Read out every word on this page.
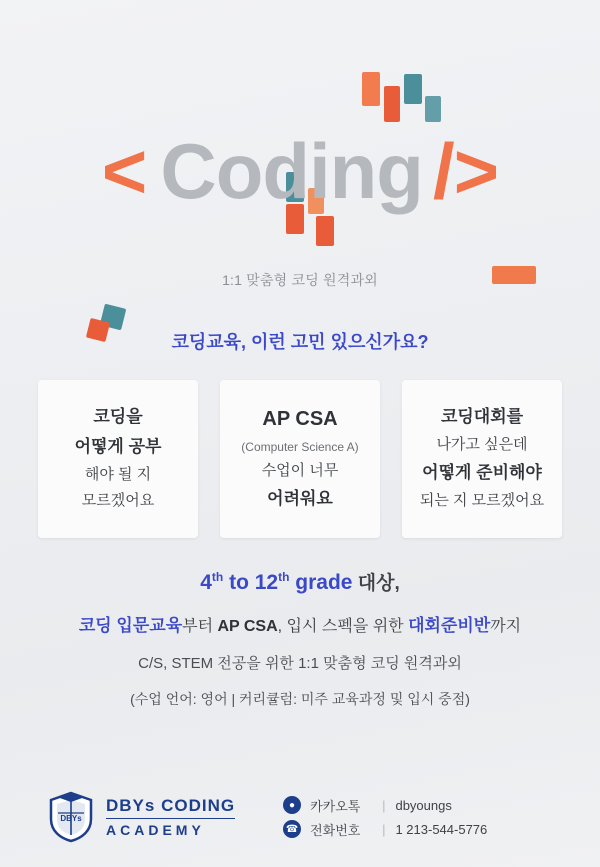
< Coding />
1:1 맞춤형 코딩 원격과외
코딩교육, 이런 고민 있으신가요?
코딩을
어떻게 공부
해야 될 지
모르겠어요
AP CSA
(Computer Science A)
수업이 너무
어려워요
코딩대회를
나가고 싶은데
어떻게 준비해야
되는 지 모르겠어요
4th to 12th grade 대상,
코딩 입문교육부터 AP CSA, 입시 스펙을 위한 대회준비반까지
C/S, STEM 전공을 위한 1:1 맞춤형 코딩 원격과외
(수업 언어: 영어 | 커리큘럼: 미주 교육과정 및 입시 중점)
DBYs
DBYs CODING
ACADEMY
●	카카오톡	| dbyoungs
☎ 전화번호	| 1 213-544-5776
